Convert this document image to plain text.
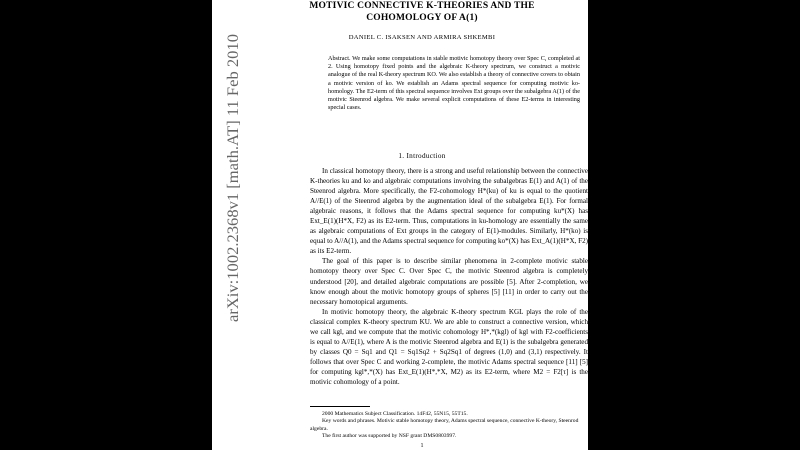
arXiv:1002.2368v1 [math.AT] 11 Feb 2010
MOTIVIC CONNECTIVE K-THEORIES AND THE
COHOMOLOGY OF A(1)
DANIEL C. ISAKSEN AND ARMIRA SHKEMBI
Abstract. We make some computations in stable motivic homotopy theory over Spec C, completed at 2. Using homotopy fixed points and the algebraic K-theory spectrum, we construct a motivic analogue of the real K-theory spectrum KO. We also establish a theory of connective covers to obtain a motivic version of ko. We establish an Adams spectral sequence for computing motivic ko-homology. The E2-term of this spectral sequence involves Ext groups over the subalgebra A(1) of the motivic Steenrod algebra. We make several explicit computations of these E2-terms in interesting special cases.
1. Introduction

In classical homotopy theory, there is a strong and useful relationship between the connective K-theories ku and ko and algebraic computations involving the subalgebras E(1) and A(1) of the Steenrod algebra. More specifically, the F2-cohomology H*(ku) of ku is equal to the quotient A//E(1) of the Steenrod algebra by the augmentation ideal of the subalgebra E(1). For formal algebraic reasons, it follows that the Adams spectral sequence for computing ku*(X) has Ext_E(1)(H*X, F2) as its E2-term. Thus, computations in ku-homology are essentially the same as algebraic computations of Ext groups in the category of E(1)-modules. Similarly, H*(ko) is equal to A//A(1), and the Adams spectral sequence for computing ko*(X) has Ext_A(1)(H*X, F2) as its E2-term.

The goal of this paper is to describe similar phenomena in 2-complete motivic stable homotopy theory over Spec C. Over Spec C, the motivic Steenrod algebra is completely understood [20], and detailed algebraic computations are possible [5]. After 2-completion, we know enough about the motivic homotopy groups of spheres [5] [11] in order to carry out the necessary homotopical arguments.

In motivic homotopy theory, the algebraic K-theory spectrum KGL plays the role of the classical complex K-theory spectrum KU. We are able to construct a connective version, which we call kgl, and we compute that the motivic cohomology H*,*(kgl) of kgl with F2-coefficients is equal to A//E(1), where A is the motivic Steenrod algebra and E(1) is the subalgebra generated by classes Q0 = Sq1 and Q1 = Sq1Sq2 + Sq2Sq1 of degrees (1,0) and (3,1) respectively. It follows that over Spec C and working 2-complete, the motivic Adams spectral sequence [11] [5] for computing kgl*,*(X) has Ext_E(1)(H*,*X, M2) as its E2-term, where M2 = F2[τ] is the motivic cohomology of a point.

2000 Mathematics Subject Classification. 14F42, 55N15, 55T15.

Key words and phrases. Motivic stable homotopy theory, Adams spectral sequence, connective K-theory, Steenrod algebra.

The first author was supported by NSF grant DMS0803997.

1
